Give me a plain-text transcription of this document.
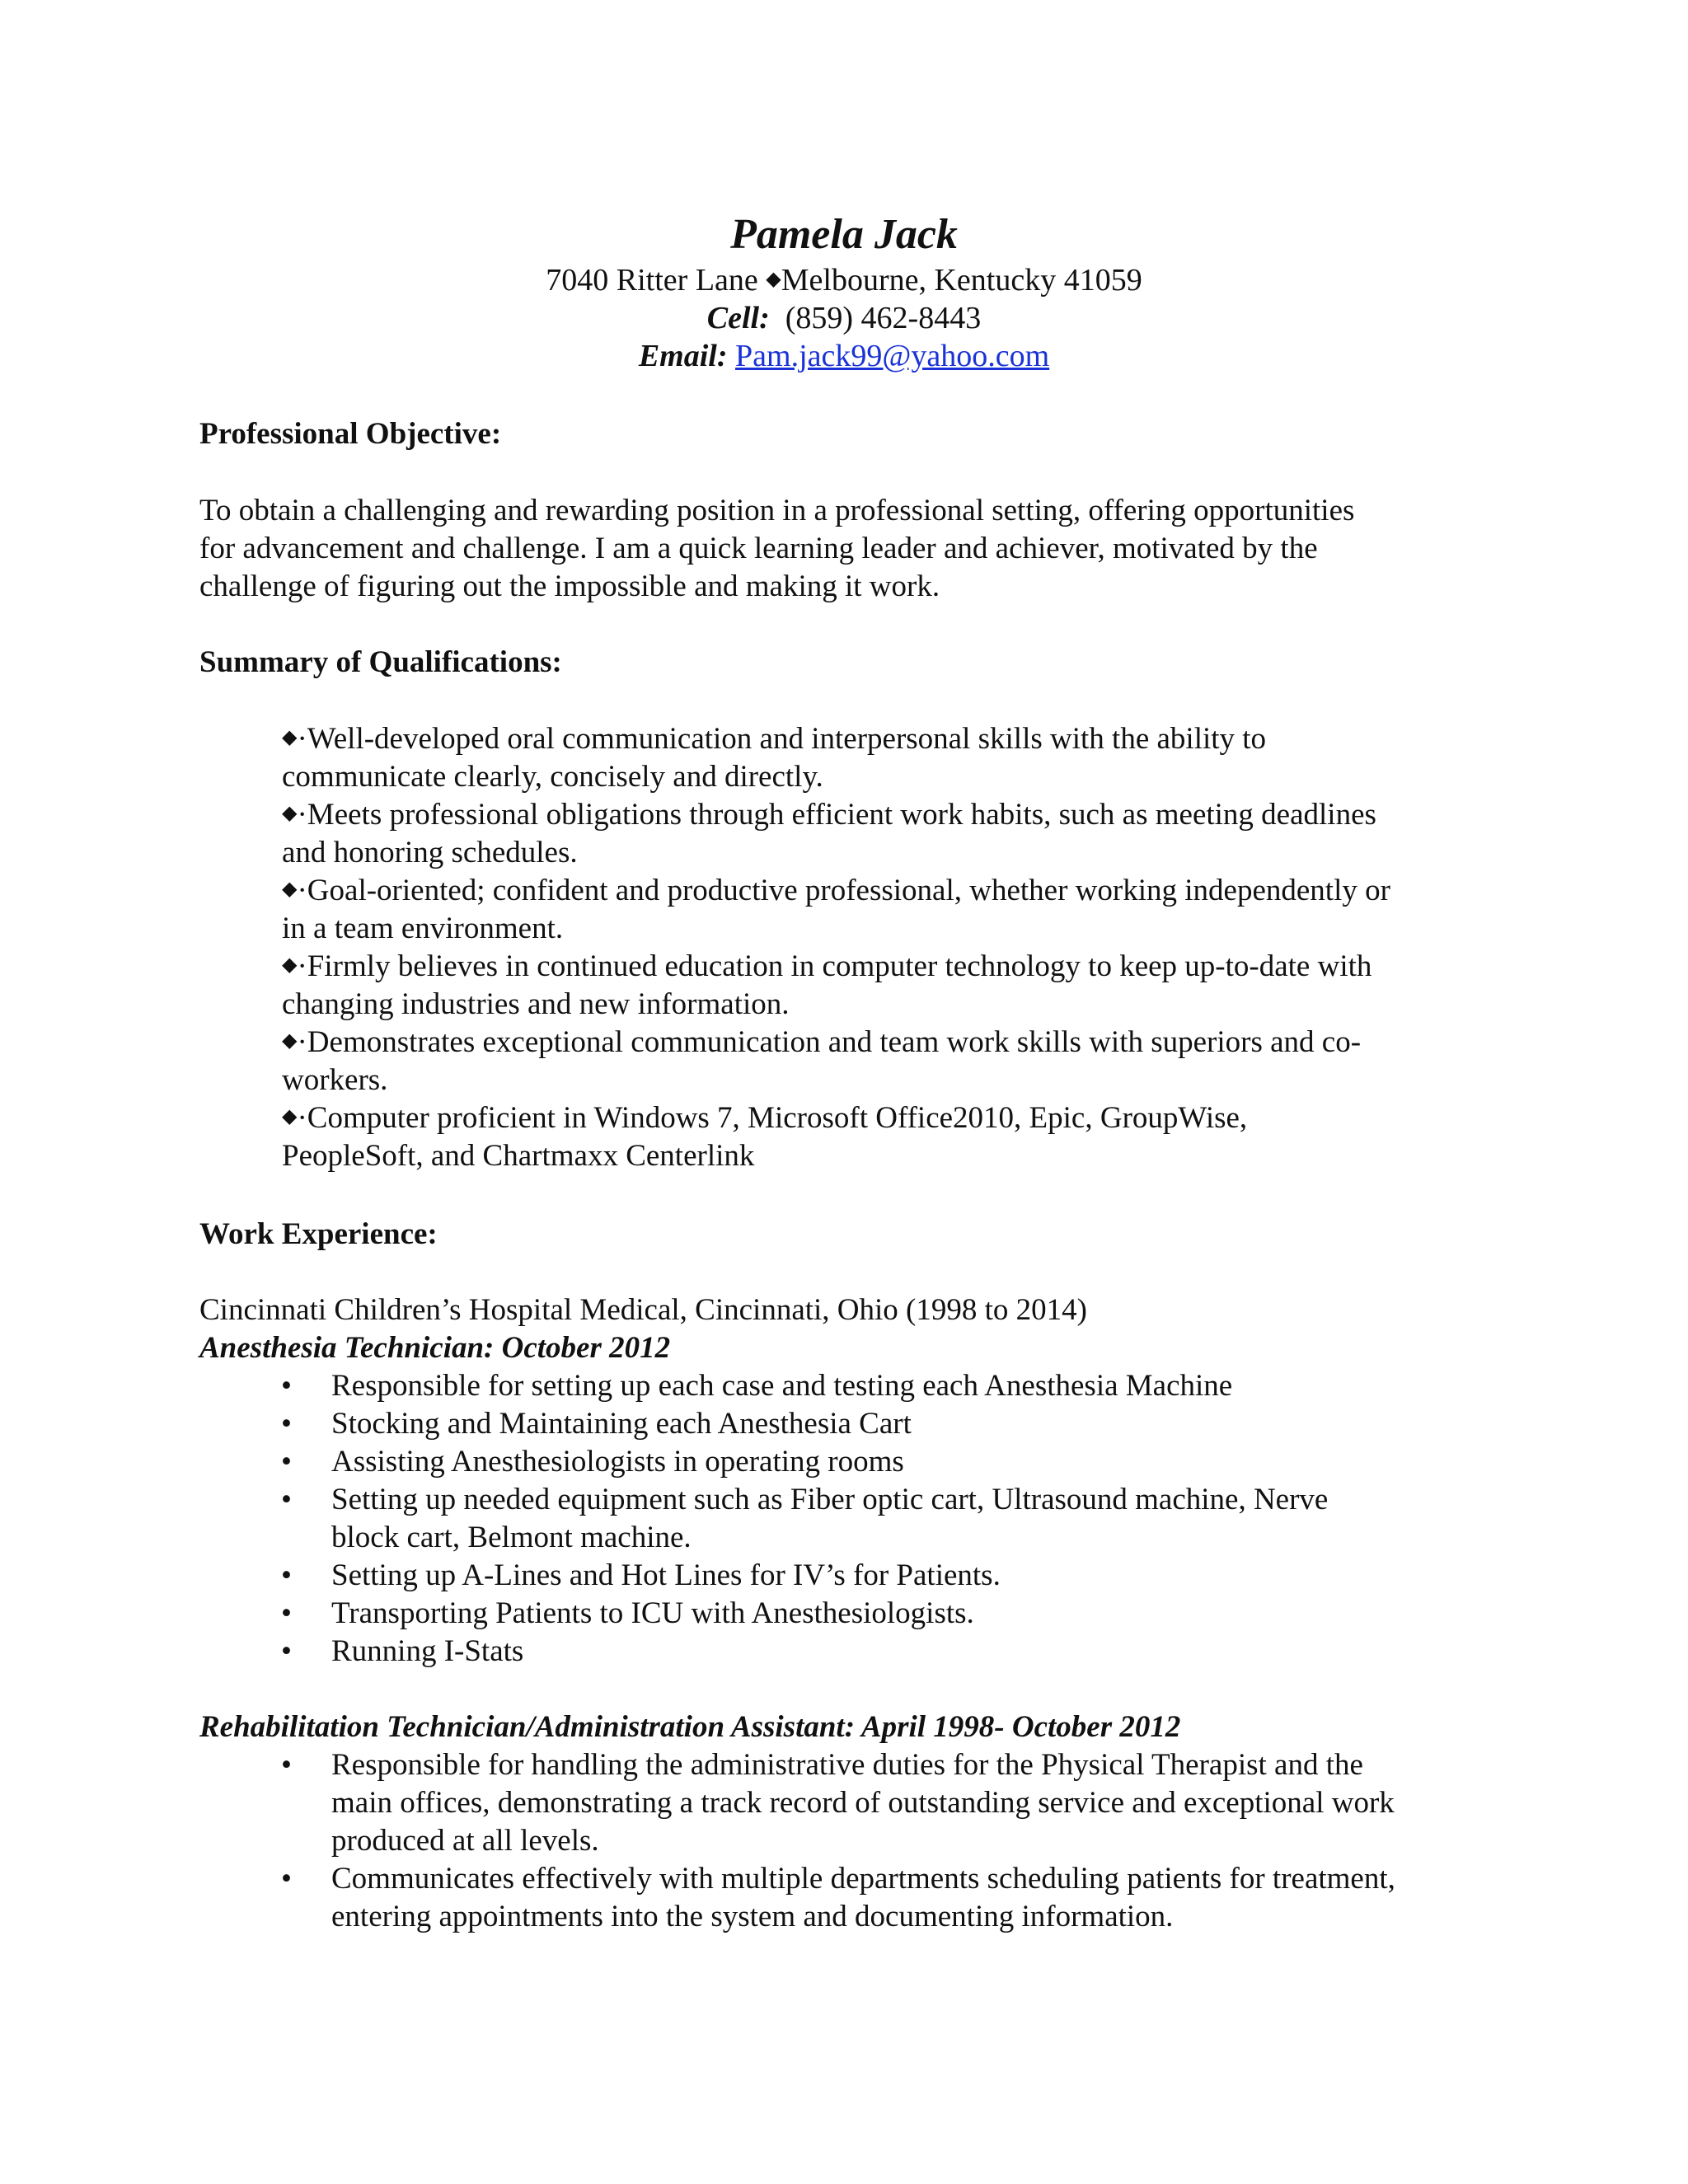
Pamela Jack
7040 Ritter Lane ◆Melbourne, Kentucky 41059
Cell: (859) 462-8443
Email: Pam.jack99@yahoo.com
Professional Objective:
To obtain a challenging and rewarding position in a professional setting, offering opportunities
for advancement and challenge. I am a quick learning leader and achiever, motivated by the
challenge of figuring out the impossible and making it work.
Summary of Qualifications:
◆·Well-developed oral communication and interpersonal skills with the ability to
communicate clearly, concisely and directly.
◆·Meets professional obligations through efficient work habits, such as meeting deadlines
and honoring schedules.
◆·Goal-oriented; confident and productive professional, whether working independently or
in a team environment.
◆·Firmly believes in continued education in computer technology to keep up-to-date with
changing industries and new information.
◆·Demonstrates exceptional communication and team work skills with superiors and co-
workers.
◆·Computer proficient in Windows 7, Microsoft Office2010, Epic, GroupWise,
PeopleSoft, and Chartmaxx Centerlink
Work Experience:
Cincinnati Children’s Hospital Medical, Cincinnati, Ohio (1998 to 2014)
Anesthesia Technician: October 2012
• Responsible for setting up each case and testing each Anesthesia Machine
• Stocking and Maintaining each Anesthesia Cart
• Assisting Anesthesiologists in operating rooms
• Setting up needed equipment such as Fiber optic cart, Ultrasound machine, Nerve
block cart, Belmont machine.
• Setting up A-Lines and Hot Lines for IV’s for Patients.
• Transporting Patients to ICU with Anesthesiologists.
• Running I-Stats
Rehabilitation Technician/Administration Assistant: April 1998- October 2012
• Responsible for handling the administrative duties for the Physical Therapist and the
main offices, demonstrating a track record of outstanding service and exceptional work
produced at all levels.
• Communicates effectively with multiple departments scheduling patients for treatment,
entering appointments into the system and documenting information.
